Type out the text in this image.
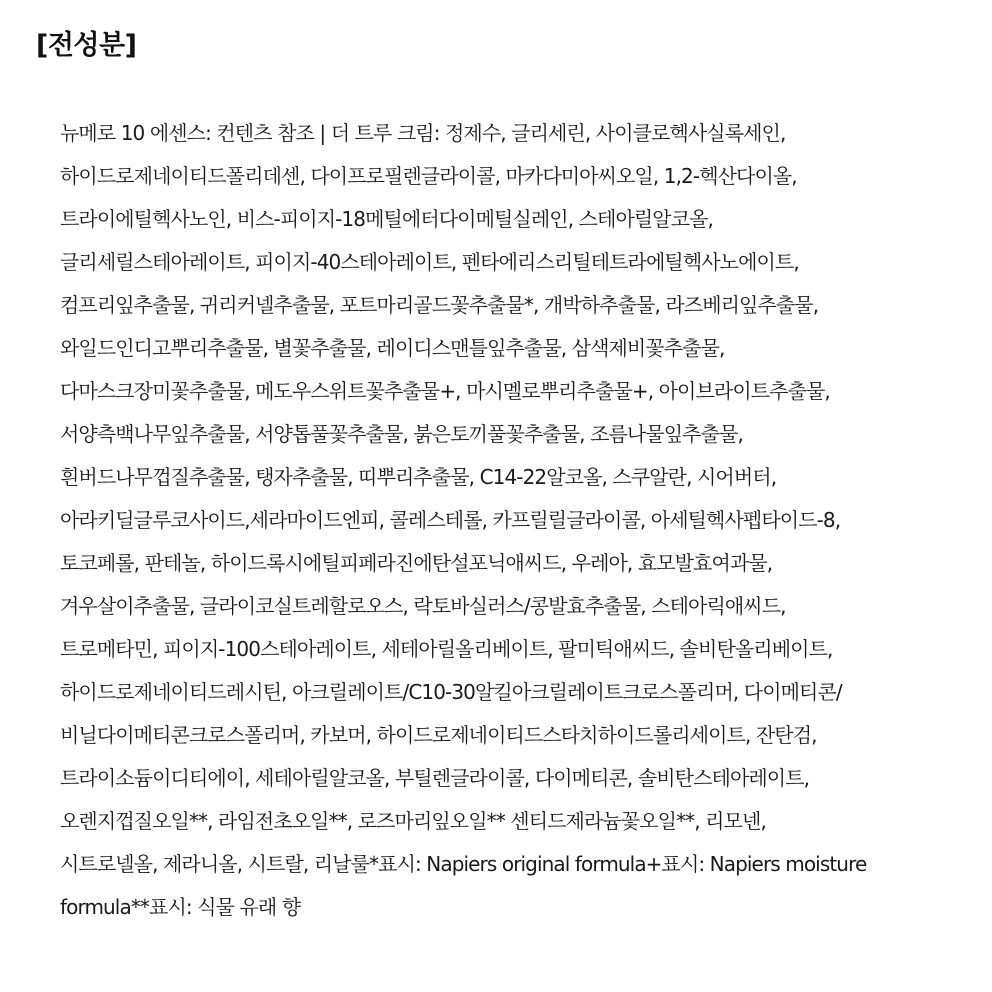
[전성분]
뉴메로 10 에센스: 컨텐츠 참조 | 더 트루 크림: 정제수, 글리세린, 사이클로헥사실록세인,
하이드로제네이티드폴리데센, 다이프로필렌글라이콜, 마카다미아씨오일, 1,2-헥산다이올,
트라이에틸헥사노인, 비스-피이지-18메틸에터다이메틸실레인, 스테아릴알코올,
글리세릴스테아레이트, 피이지-40스테아레이트, 펜타에리스리틸테트라에틸헥사노에이트,
컴프리잎추출물, 귀리커넬추출물, 포트마리골드꽃추출물*, 개박하추출물, 라즈베리잎추출물,
와일드인디고뿌리추출물, 별꽃추출물, 레이디스맨틀잎추출물, 삼색제비꽃추출물,
다마스크장미꽃추출물, 메도우스위트꽃추출물+, 마시멜로뿌리추출물+, 아이브라이트추출물,
서양측백나무잎추출물, 서양톱풀꽃추출물, 붉은토끼풀꽃추출물, 조름나물잎추출물,
흰버드나무껍질추출물, 탱자추출물, 띠뿌리추출물, C14-22알코올, 스쿠알란, 시어버터,
아라키딜글루코사이드,세라마이드엔피, 콜레스테롤, 카프릴릴글라이콜, 아세틸헥사펩타이드-8,
토코페롤, 판테놀, 하이드록시에틸피페라진에탄설포닉애씨드, 우레아, 효모발효여과물,
겨우살이추출물, 글라이코실트레할로오스, 락토바실러스/콩발효추출물, 스테아릭애씨드,
트로메타민, 피이지-100스테아레이트, 세테아릴올리베이트, 팔미틱애씨드, 솔비탄올리베이트,
하이드로제네이티드레시틴, 아크릴레이트/C10-30알킬아크릴레이트크로스폴리머, 다이메티콘/
비닐다이메티콘크로스폴리머, 카보머, 하이드로제네이티드스타치하이드롤리세이트, 잔탄검,
트라이소듐이디티에이, 세테아릴알코올, 부틸렌글라이콜, 다이메티콘, 솔비탄스테아레이트,
오렌지껍질오일**, 라임전초오일**, 로즈마리잎오일** 센티드제라늄꽃오일**, 리모넨,
시트로넬올, 제라니올, 시트랄, 리날룰*표시: Napiers original formula+표시: Napiers moisture
formula**표시: 식물 유래 향
